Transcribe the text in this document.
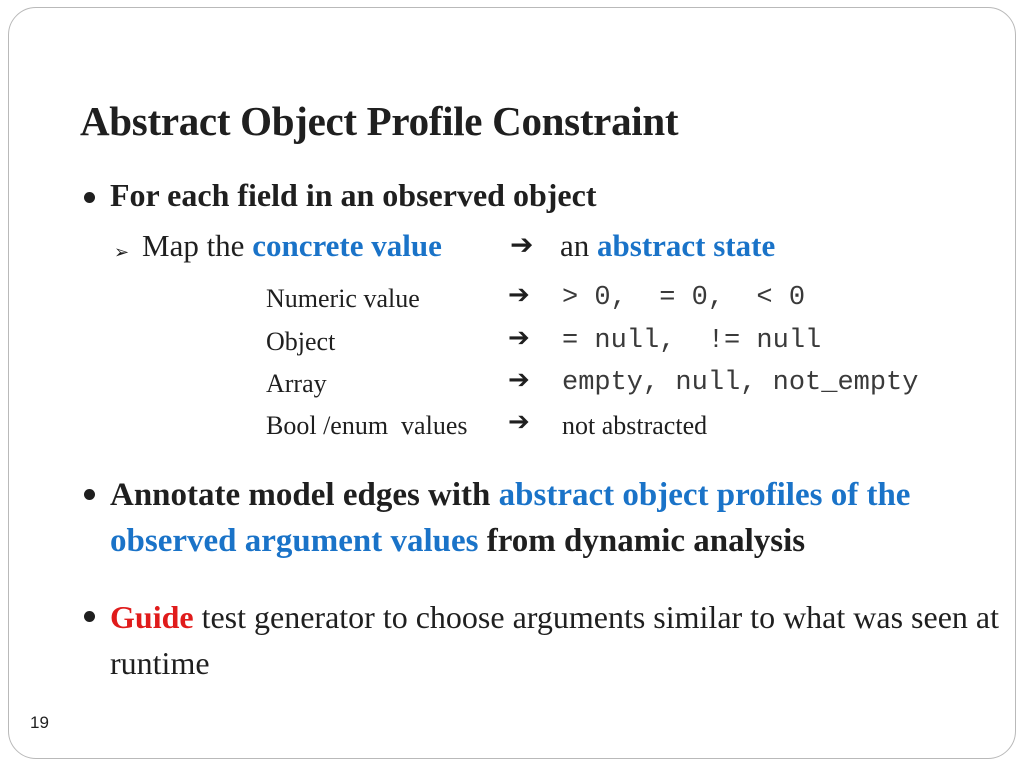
Abstract Object Profile Constraint
For each field in an observed object
➢ Map the concrete value ➔ an abstract state
Numeric value	➔ > 0,  = 0,  < 0
Object	➔ = null,  != null
Array	➔ empty, null, not_empty
Bool /enum  values ➔ not abstracted
Annotate model edges with abstract object profiles of the observed argument values from dynamic analysis
Guide test generator to choose arguments similar to what was seen at runtime
19
